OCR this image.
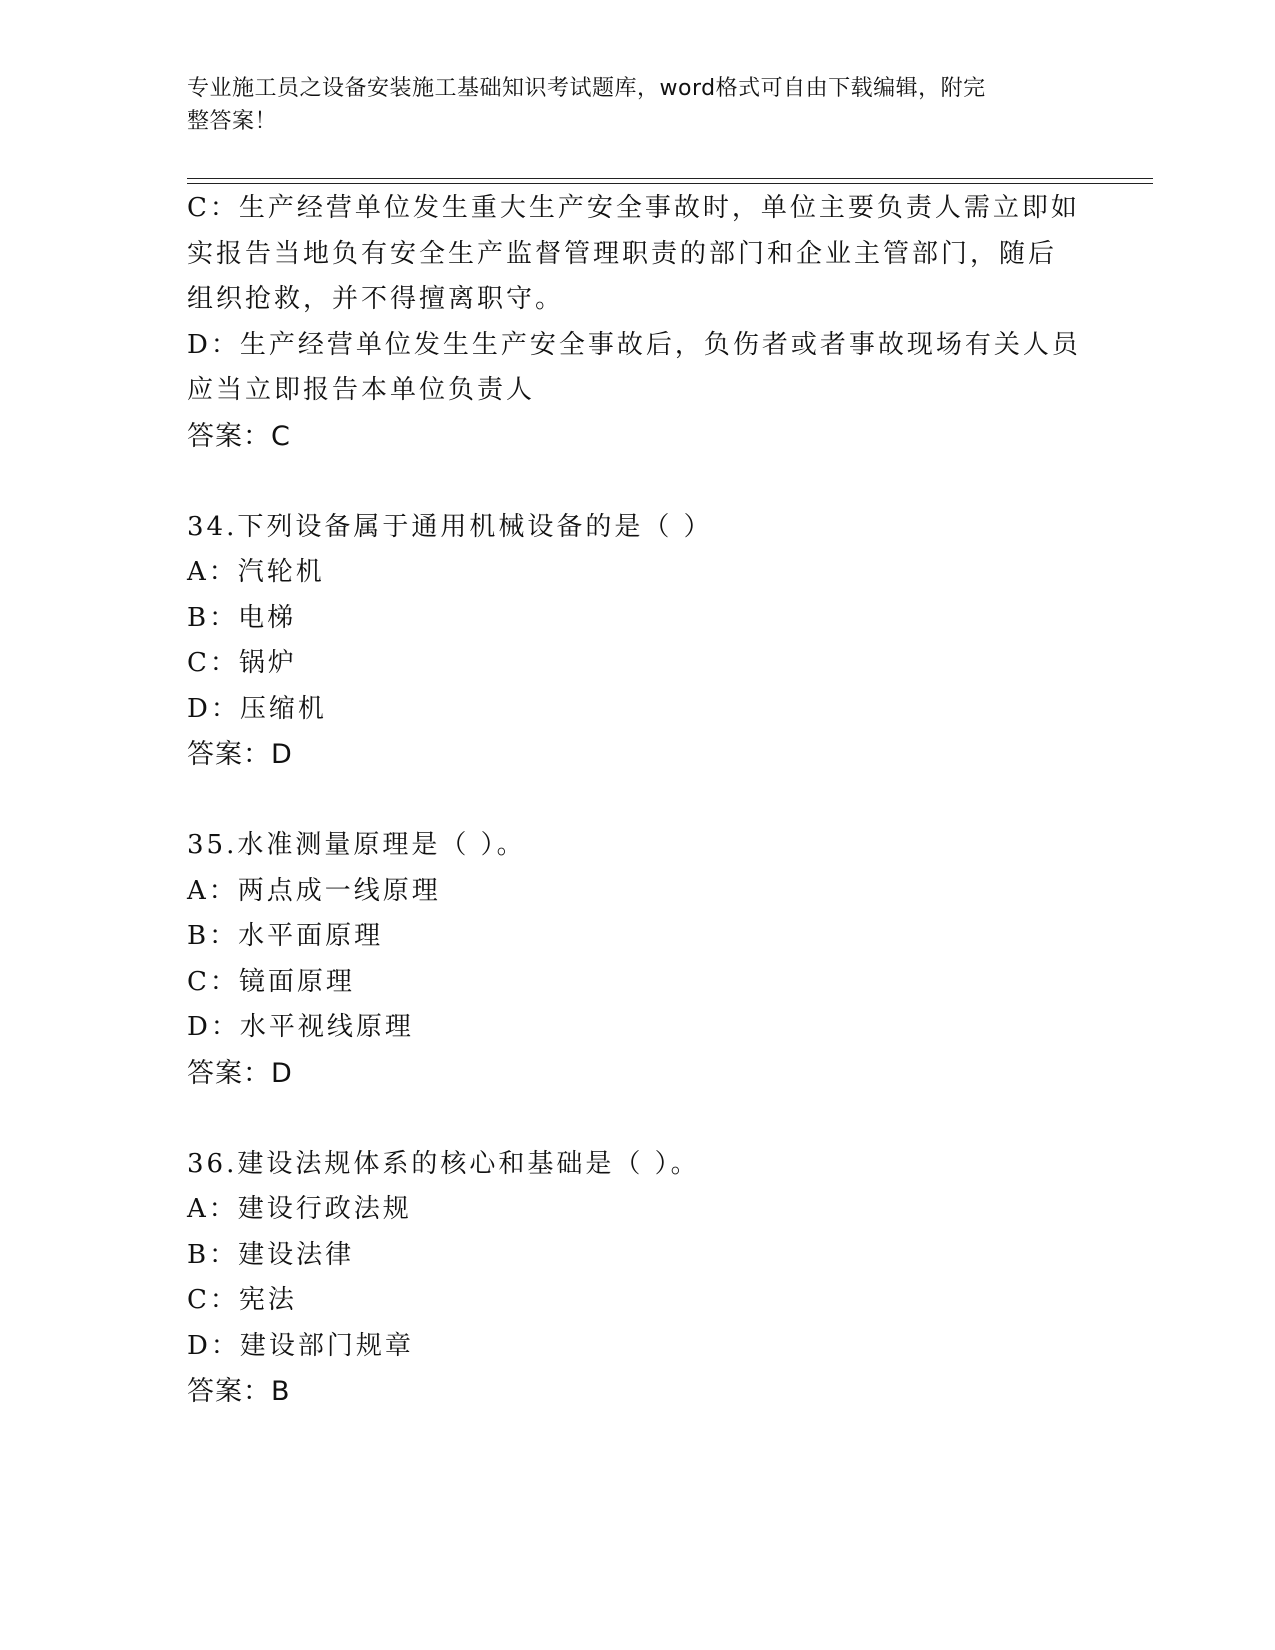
专业施工员之设备安装施工基础知识考试题库，word格式可自由下载编辑，附完
整答案！
C：生产经营单位发生重大生产安全事故时，单位主要负责人需立即如
实报告当地负有安全生产监督管理职责的部门和企业主管部门，随后
组织抢救，并不得擅离职守。
D：生产经营单位发生生产安全事故后，负伤者或者事故现场有关人员
应当立即报告本单位负责人
答案：C
34.下列设备属于通用机械设备的是（ ）
A：汽轮机
B：电梯
C：锅炉
D：压缩机
答案：D
35.水准测量原理是（ ）。
A：两点成一线原理
B：水平面原理
C：镜面原理
D：水平视线原理
答案：D
36.建设法规体系的核心和基础是（ ）。
A：建设行政法规
B：建设法律
C：宪法
D：建设部门规章
答案：B
